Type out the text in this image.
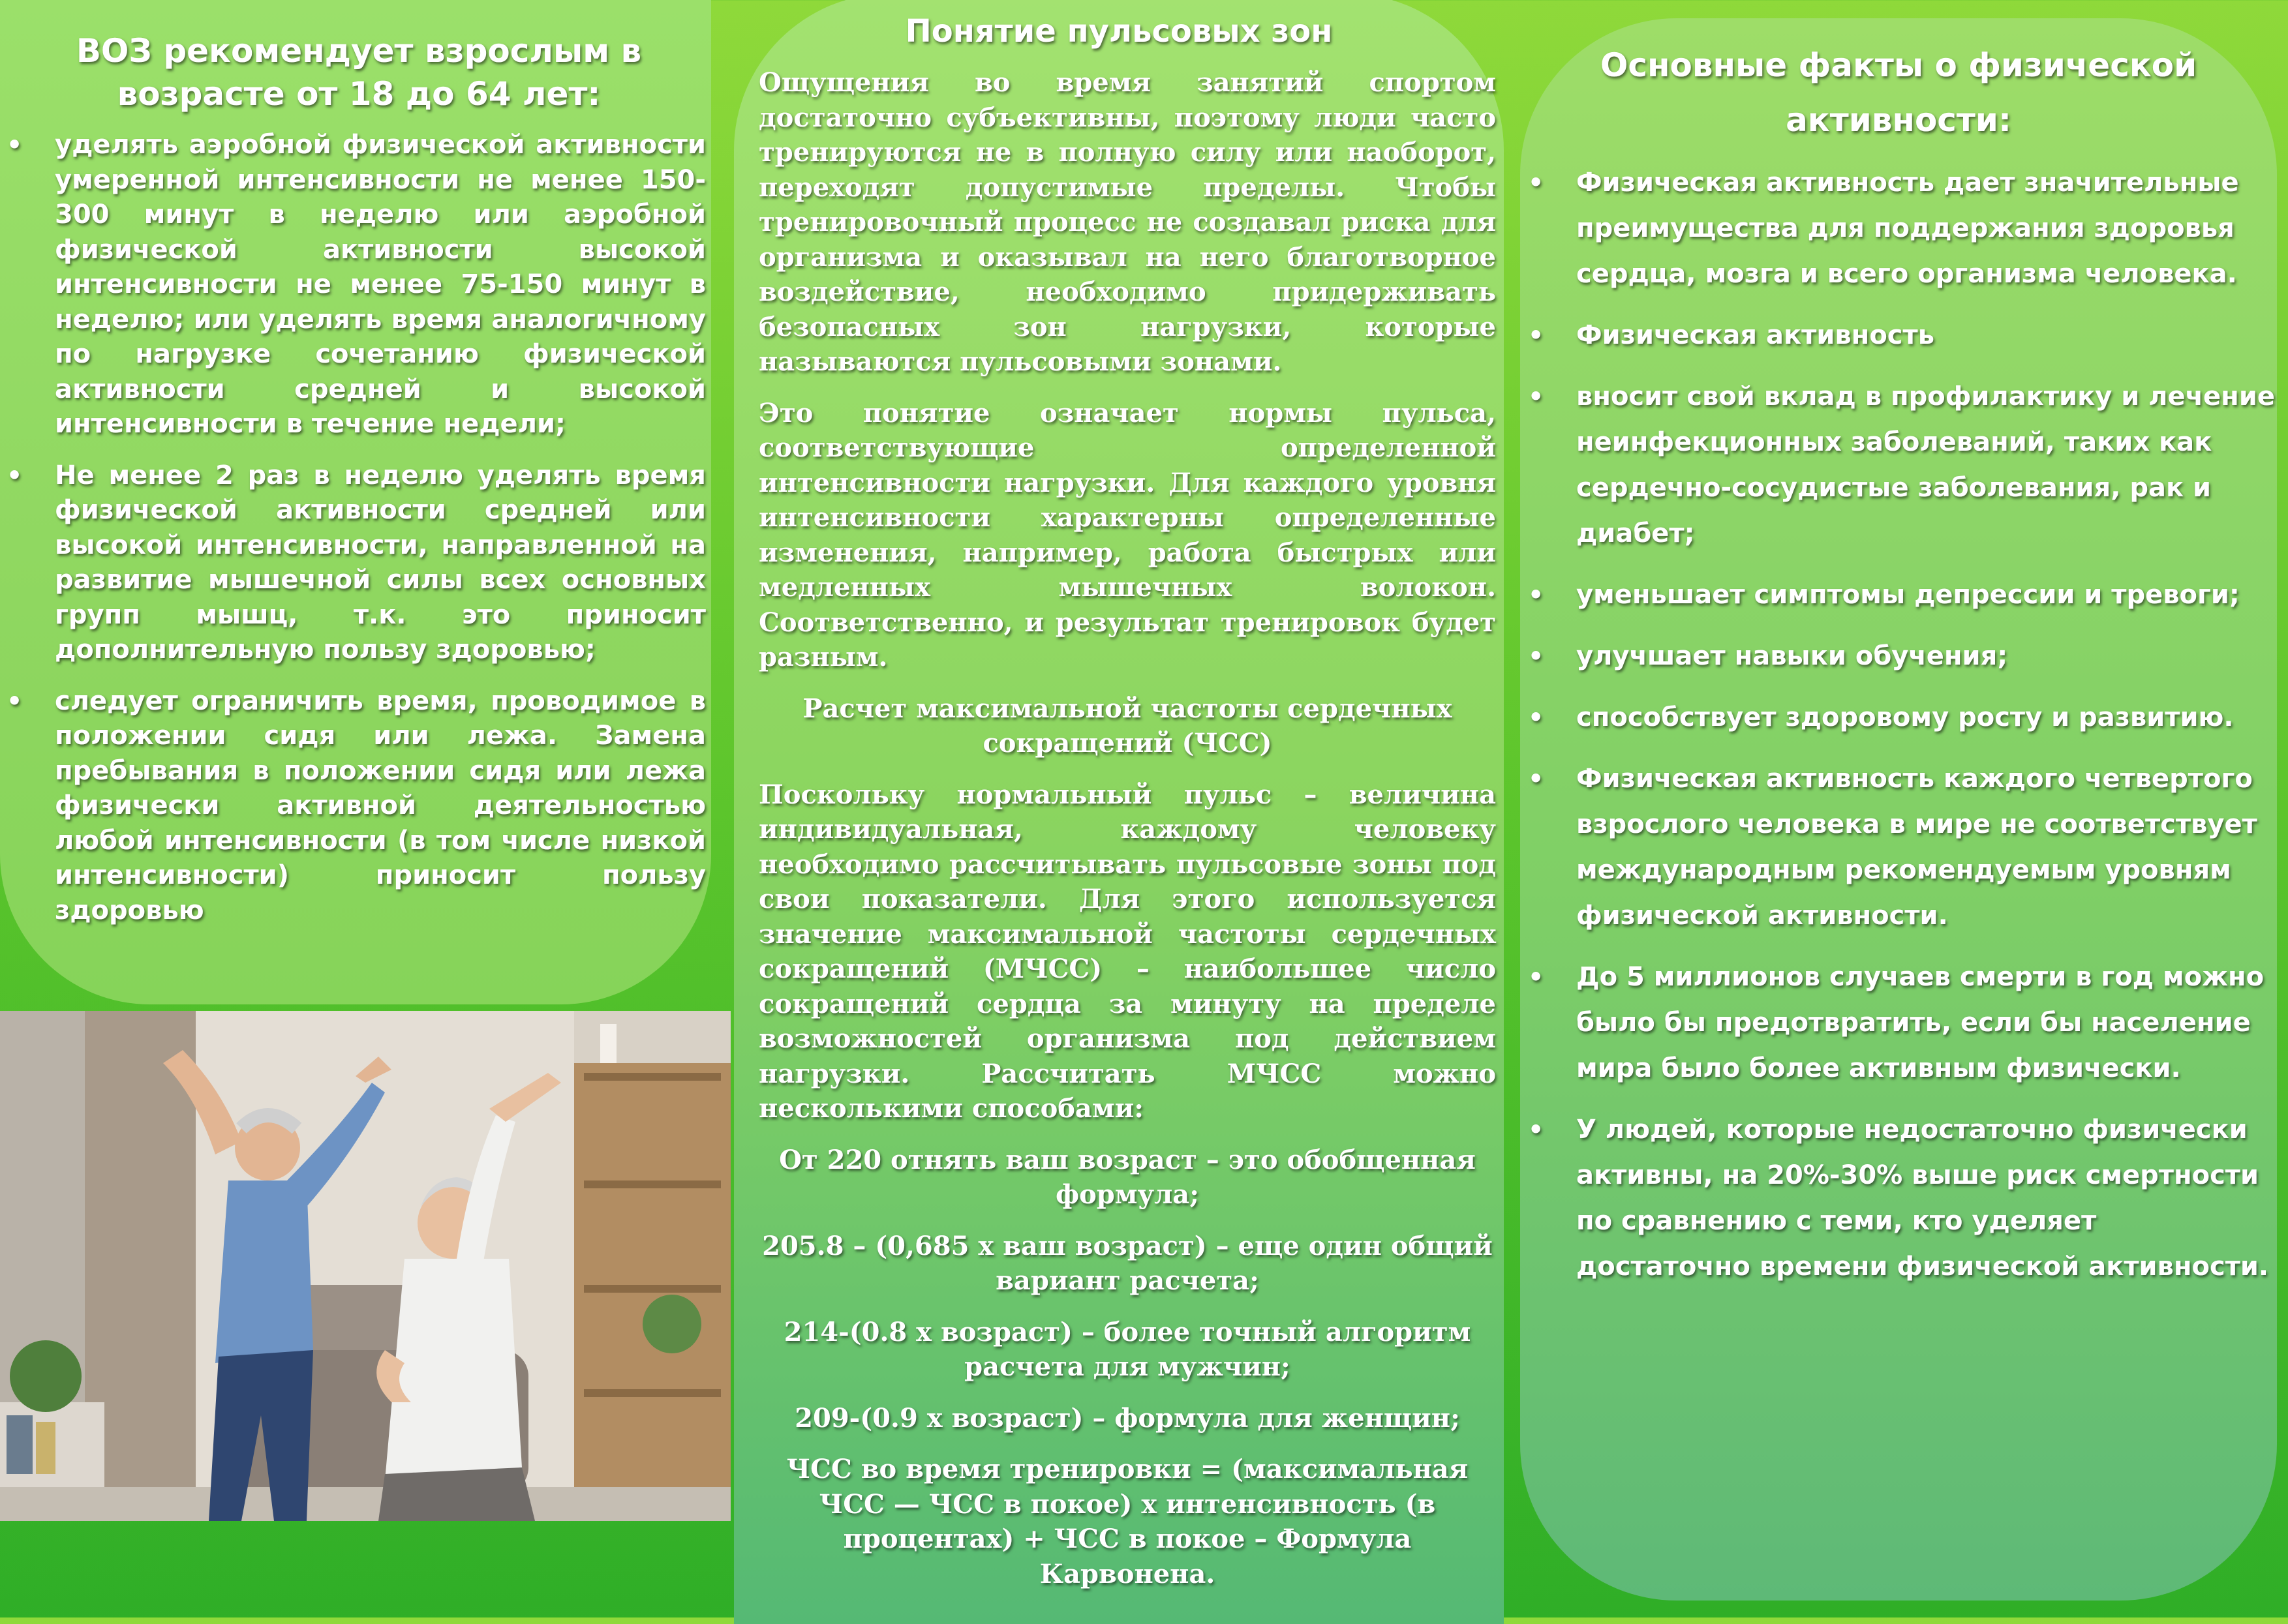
ВОЗ рекомендует взрослым в возрасте от 18 до 64 лет:
• уделять аэробной физической активности умеренной интенсивности не менее 150-300 минут в неделю или аэробной физической активности высокой интенсивности не менее 75-150 минут в неделю; или уделять время аналогичному по нагрузке сочетанию физической активности средней и высокой интенсивности в течение недели;
• Не менее 2 раз в неделю уделять время физической активности средней или высокой интенсивности, направленной на развитие мышечной силы всех основных групп мышц, т.к. это приносит дополнительную пользу здоровью;
• следует ограничить время, проводимое в положении сидя или лежа. Замена пребывания в положении сидя или лежа физически активной деятельностью любой интенсивности (в том числе низкой интенсивности) приносит пользу здоровью
Понятие пульсовых зон

Ощущения во время занятий спортом достаточно субъективны, поэтому люди часто тренируются не в полную силу или наоборот, переходят допустимые пределы. Чтобы тренировочный процесс не создавал риска для организма и оказывал на него благотворное воздействие, необходимо придерживать безопасных зон нагрузки, которые называются пульсовыми зонами.

Это понятие означает нормы пульса, соответствующие определенной интенсивности нагрузки. Для каждого уровня интенсивности характерны определенные изменения, например, работа быстрых или медленных мышечных волокон. Соответственно, и результат тренировок будет разным.

Расчет максимальной частоты сердечных сокращений (ЧСС)

Поскольку нормальный пульс – величина индивидуальная, каждому человеку необходимо рассчитывать пульсовые зоны под свои показатели. Для этого используется значение максимальной частоты сердечных сокращений (МЧСС) – наибольшее число сокращений сердца за минуту на пределе возможностей организма под действием нагрузки. Рассчитать МЧСС можно несколькими способами:

От 220 отнять ваш возраст – это обобщенная формула;

205.8 – (0,685 х ваш возраст) – еще один общий вариант расчета;

214-(0.8 х возраст) – более точный алгоритм расчета для мужчин;

209-(0.9 х возраст) – формула для женщин;

ЧСС во время тренировки = (максимальная ЧСС — ЧСС в покое) х интенсивность (в процентах) + ЧСС в покое – Формула Карвонена.

Основные факты о физической активности:
• Физическая активность дает значительные преимущества для поддержания здоровья сердца, мозга и всего организма человека.
• Физическая активность
• вносит свой вклад в профилактику и лечение неинфекционных заболеваний, таких как сердечно-сосудистые заболевания, рак и диабет;
• уменьшает симптомы депрессии и тревоги;
• улучшает навыки обучения;
• способствует здоровому росту и развитию.
• Физическая активность каждого четвертого взрослого человека в мире не соответствует международным рекомендуемым уровням физической активности.
• До 5 миллионов случаев смерти в год можно было бы предотвратить, если бы население мира было более активным физически.
• У людей, которые недостаточно физически активны, на 20%-30% выше риск смертности по сравнению с теми, кто уделяет достаточно времени физической активности.
